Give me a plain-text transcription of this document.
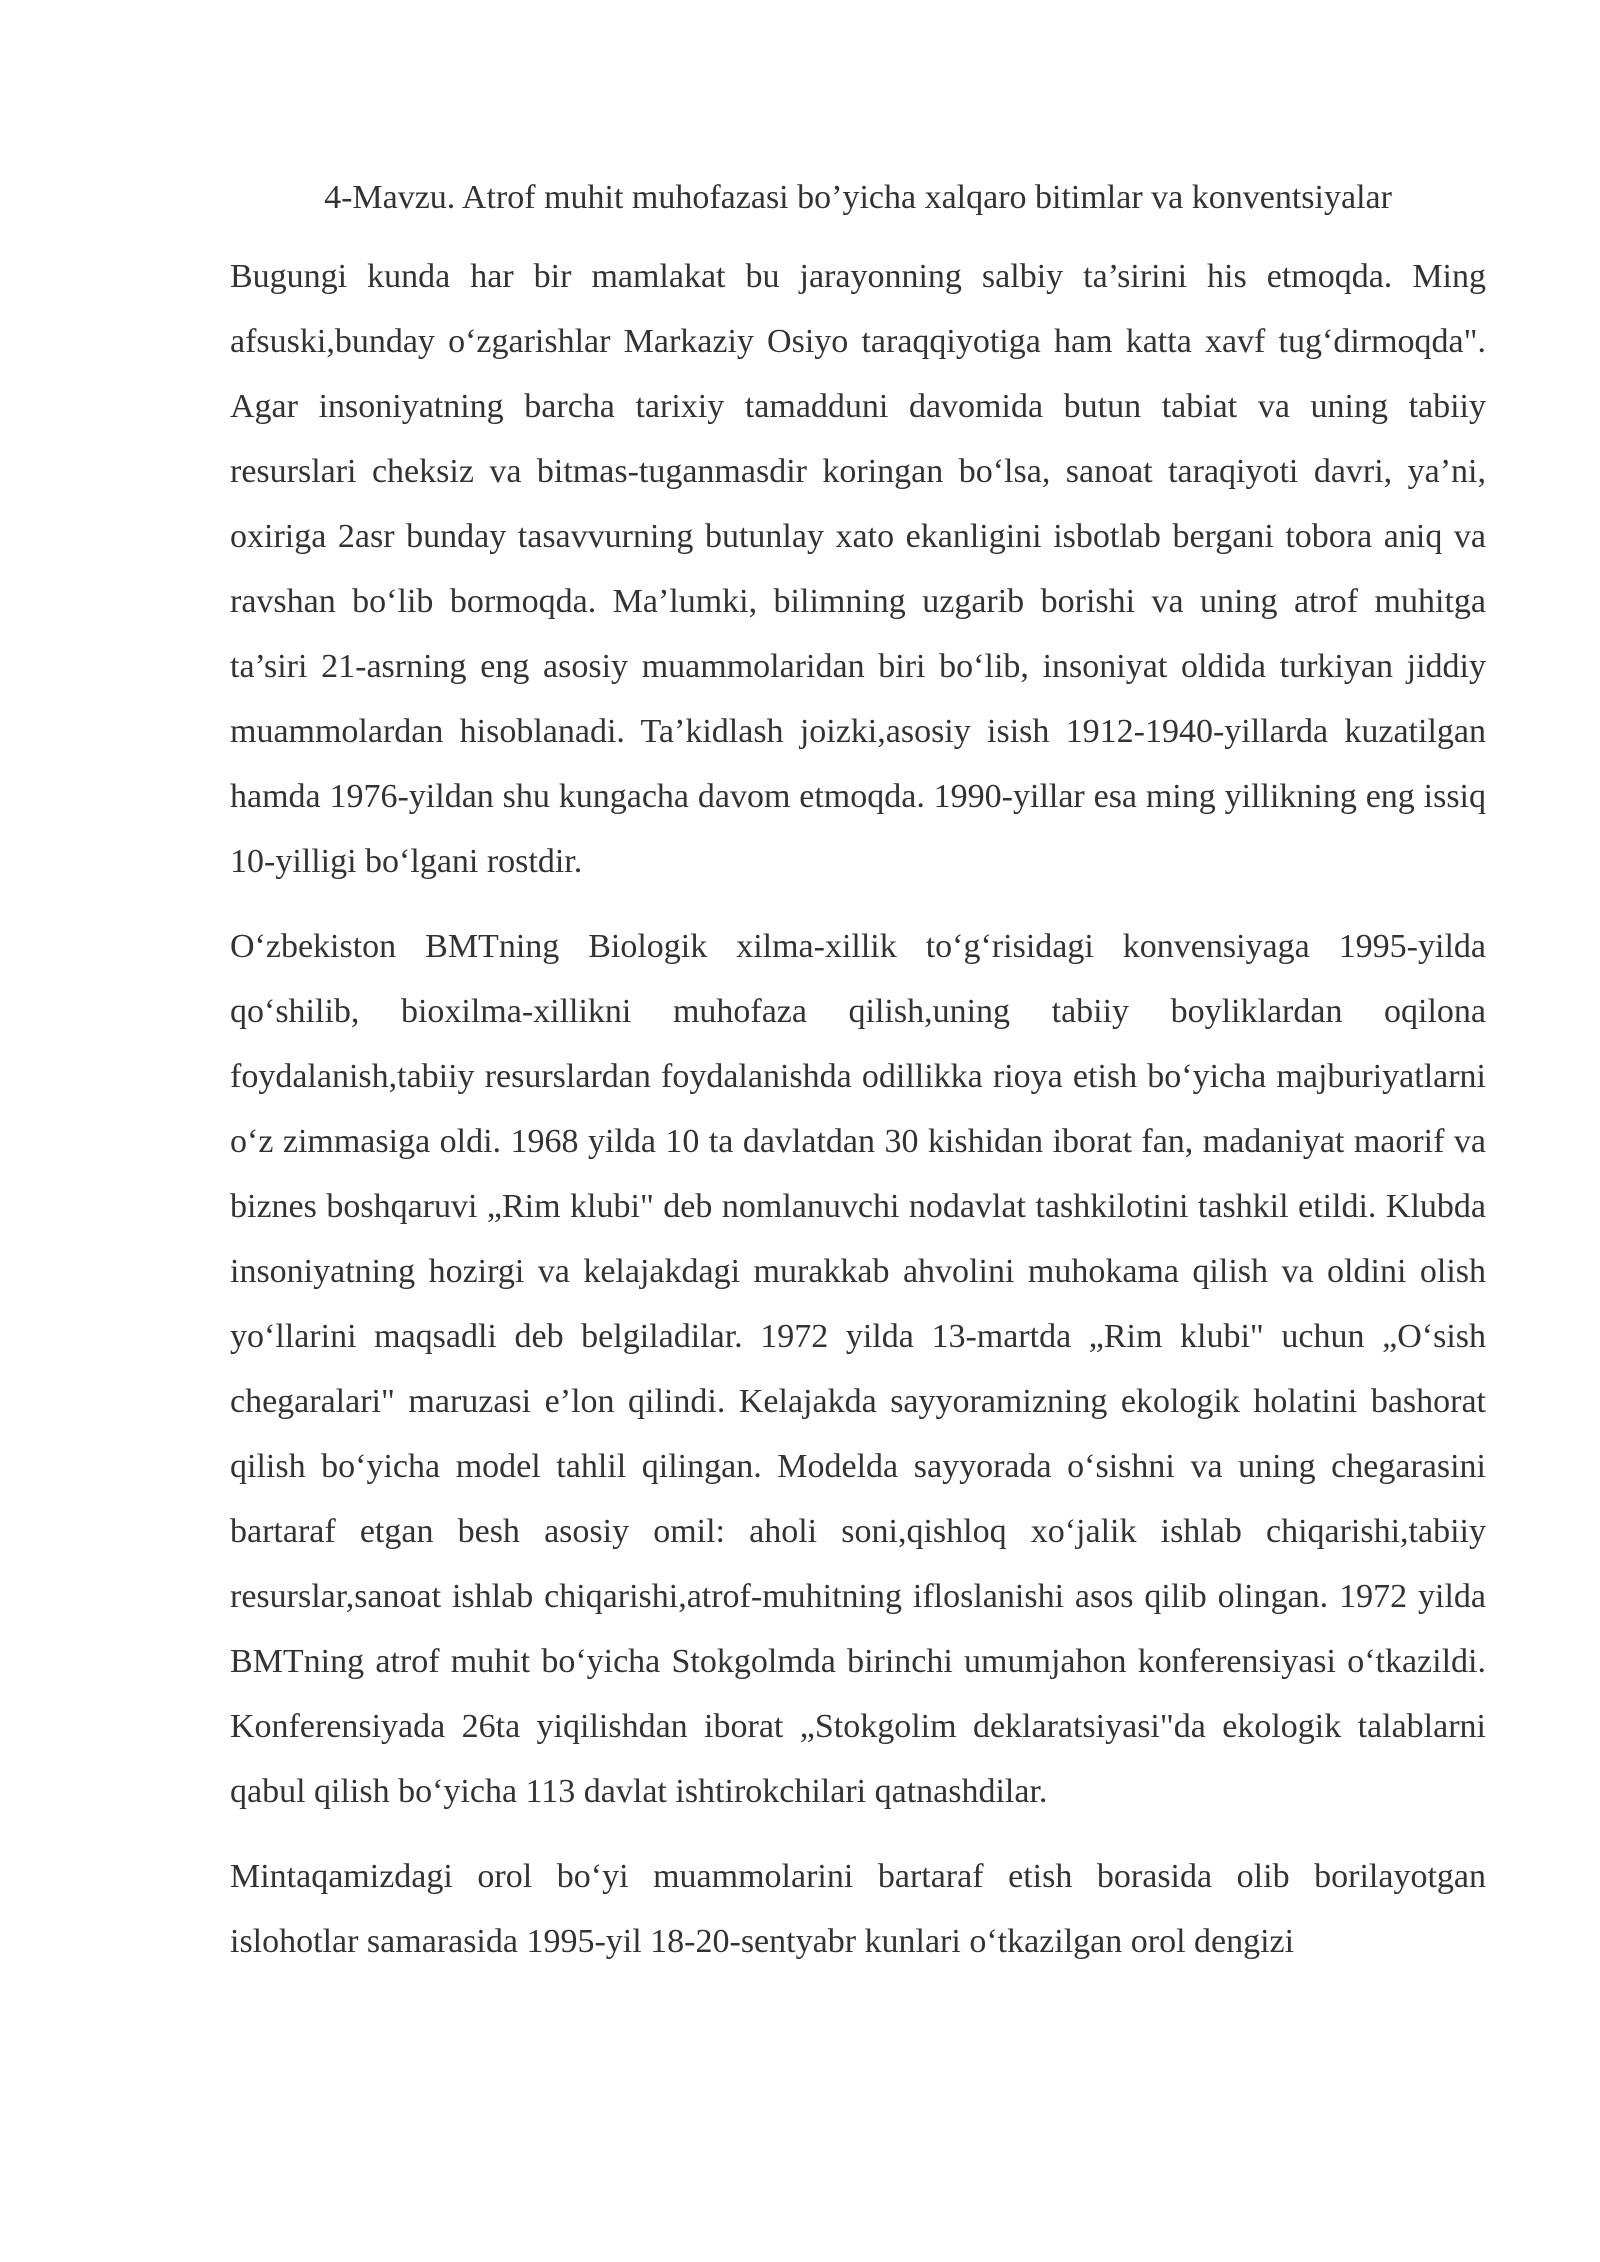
4-Mavzu. Atrof muhit muhofazasi bo’yicha xalqaro bitimlar va konventsiyalar

Bugungi kunda har bir mamlakat bu jarayonning salbiy ta’sirini his etmoqda. Ming afsuski,bunday o‘zgarishlar Markaziy Osiyo taraqqiyotiga ham katta xavf tug‘dirmoqda". Agar insoniyatning barcha tarixiy tamadduni davomida butun tabiat va uning tabiiy resurslari cheksiz va bitmas-tuganmasdir koringan bo‘lsa, sanoat taraqiyoti davri, ya’ni, oxiriga 2asr bunday tasavvurning butunlay xato ekanligini isbotlab bergani tobora aniq va ravshan bo‘lib bormoqda. Ma’lumki, bilimning uzgarib borishi va uning atrof muhitga ta’siri 21-asrning eng asosiy muammolaridan biri bo‘lib, insoniyat oldida turkiyan jiddiy muammolardan hisoblanadi. Ta’kidlash joizki,asosiy isish 1912-1940-yillarda kuzatilgan hamda 1976-yildan shu kungacha davom etmoqda. 1990-yillar esa ming yillikning eng issiq 10-yilligi bo‘lgani rostdir.

O‘zbekiston BMTning Biologik xilma-xillik to‘g‘risidagi konvensiyaga 1995-yilda qo‘shilib, bioxilma-xillikni muhofaza qilish,uning tabiiy boyliklardan oqilona foydalanish,tabiiy resurslardan foydalanishda odillikka rioya etish bo‘yicha majburiyatlarni o‘z zimmasiga oldi. 1968 yilda 10 ta davlatdan 30 kishidan iborat fan, madaniyat maorif va biznes boshqaruvi „Rim klubi" deb nomlanuvchi nodavlat tashkilotini tashkil etildi. Klubda insoniyatning hozirgi va kelajakdagi murakkab ahvolini muhokama qilish va oldini olish yo‘llarini maqsadli deb belgiladilar. 1972 yilda 13-martda „Rim klubi" uchun „O‘sish chegaralari" maruzasi e’lon qilindi. Kelajakda sayyoramizning ekologik holatini bashorat qilish bo‘yicha model tahlil qilingan. Modelda sayyorada o‘sishni va uning chegarasini bartaraf etgan besh asosiy omil: aholi soni,qishloq xo‘jalik ishlab chiqarishi,tabiiy resurslar,sanoat ishlab chiqarishi,atrof-muhitning ifloslanishi asos qilib olingan. 1972 yilda BMTning atrof muhit bo‘yicha Stokgolmda birinchi umumjahon konferensiyasi o‘tkazildi. Konferensiyada 26ta yiqilishdan iborat „Stokgolim deklaratsiyasi"da ekologik talablarni qabul qilish bo‘yicha 113 davlat ishtirokchilari qatnashdilar.

Mintaqamizdagi orol bo‘yi muammolarini bartaraf etish borasida olib borilayotgan islohotlar samarasida 1995-yil 18-20-sentyabr kunlari o‘tkazilgan orol dengizi
